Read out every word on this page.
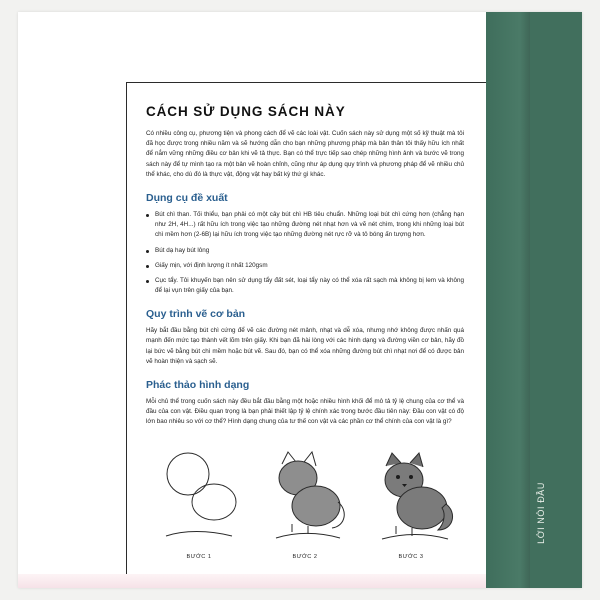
CÁCH SỬ DỤNG SÁCH NÀY

Có nhiều công cụ, phương tiện và phong cách để vẽ các loài vật. Cuốn sách này sử dụng một số kỹ thuật mà tôi đã học được trong nhiều năm và sẽ hướng dẫn cho bạn những phương pháp mà bản thân tôi thấy hữu ích nhất để nắm vững những điều cơ bản khi vẽ tả thực. Bạn có thể trực tiếp sao chép những hình ảnh và bước vẽ trong sách này để tự mình tạo ra một bản vẽ hoàn chỉnh, cũng như áp dụng quy trình và phương pháp để vẽ nhiều chủ thể khác, cho dù đó là thực vật, động vật hay bất kỳ thứ gì khác.

Dụng cụ đề xuất
Bút chì than. Tối thiểu, bạn phải có một cây bút chì HB tiêu chuẩn. Những loại bút chì cứng hơn (chẳng hạn như 2H, 4H...) rất hữu ích trong việc tạo những đường nét nhạt hơn và vẽ nét chìm, trong khi những loại bút chì mềm hơn (2-6B) lại hữu ích trong việc tạo những đường nét rực rỡ và tô bóng ấn tượng hơn.
Bút dạ hay bút lông
Giấy mịn, với định lượng ít nhất 120gsm
Cục tẩy. Tôi khuyến bạn nên sử dụng tẩy đất sét, loại tẩy này có thể xóa rất sạch mà không bị lem và không để lại vụn trên giấy của bạn.
Quy trình vẽ cơ bản

Hãy bắt đầu bằng bút chì cứng để vẽ các đường nét mảnh, nhạt và dễ xóa, nhưng nhớ không được nhấn quá mạnh đến mức tạo thành vết lõm trên giấy. Khi bạn đã hài lòng với các hình dạng và đường viền cơ bản, hãy đồ lại bức vẽ bằng bút chì mềm hoặc bút vẽ. Sau đó, bạn có thể xóa những đường bút chì nhạt nơi để có được bản vẽ hoàn thiện và sạch sẽ.

Phác thảo hình dạng

Mỗi chủ thể trong cuốn sách này đều bắt đầu bằng một hoặc nhiều hình khối để mô tả tỷ lệ chung của cơ thể và đầu của con vật. Điều quan trọng là bạn phải thiết lập tỷ lệ chính xác trong bước đầu tiên này: Đầu con vật có độ lớn bao nhiêu so với cơ thể? Hình dạng chung của tư thế con vật và các phần cơ thể chính của con vật là gì?

BƯỚC 1	BƯỚC 2	BƯỚC 3
LỜI NÓI ĐẦU
